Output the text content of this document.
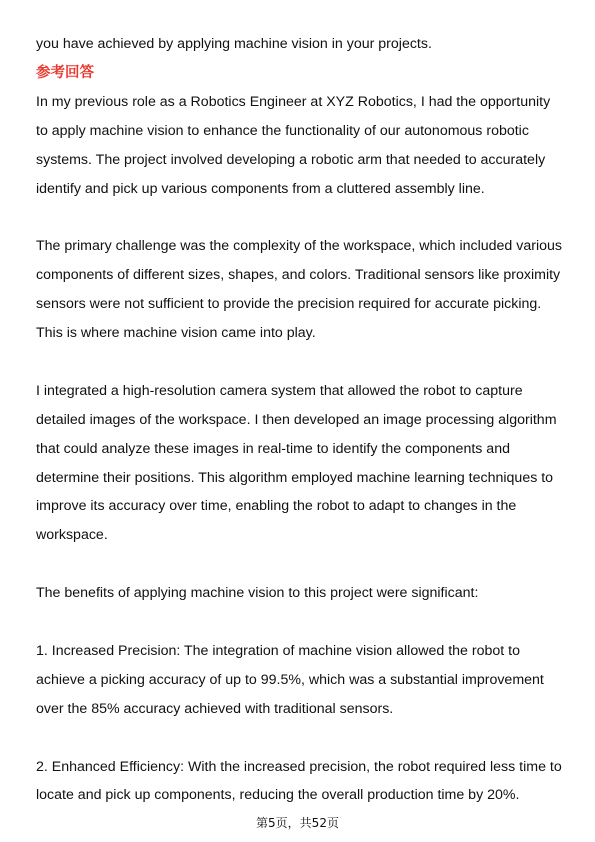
you have achieved by applying machine vision in your projects.

参考回答

In my previous role as a Robotics Engineer at XYZ Robotics, I had the opportunity to apply machine vision to enhance the functionality of our autonomous robotic systems. The project involved developing a robotic arm that needed to accurately identify and pick up various components from a cluttered assembly line.

The primary challenge was the complexity of the workspace, which included various components of different sizes, shapes, and colors. Traditional sensors like proximity sensors were not sufficient to provide the precision required for accurate picking. This is where machine vision came into play.

I integrated a high-resolution camera system that allowed the robot to capture detailed images of the workspace. I then developed an image processing algorithm that could analyze these images in real-time to identify the components and determine their positions. This algorithm employed machine learning techniques to improve its accuracy over time, enabling the robot to adapt to changes in the workspace.

The benefits of applying machine vision to this project were significant:

1. Increased Precision: The integration of machine vision allowed the robot to achieve a picking accuracy of up to 99.5%, which was a substantial improvement over the 85% accuracy achieved with traditional sensors.

2. Enhanced Efficiency: With the increased precision, the robot required less time to locate and pick up components, reducing the overall production time by 20%.

第5页，共52页
